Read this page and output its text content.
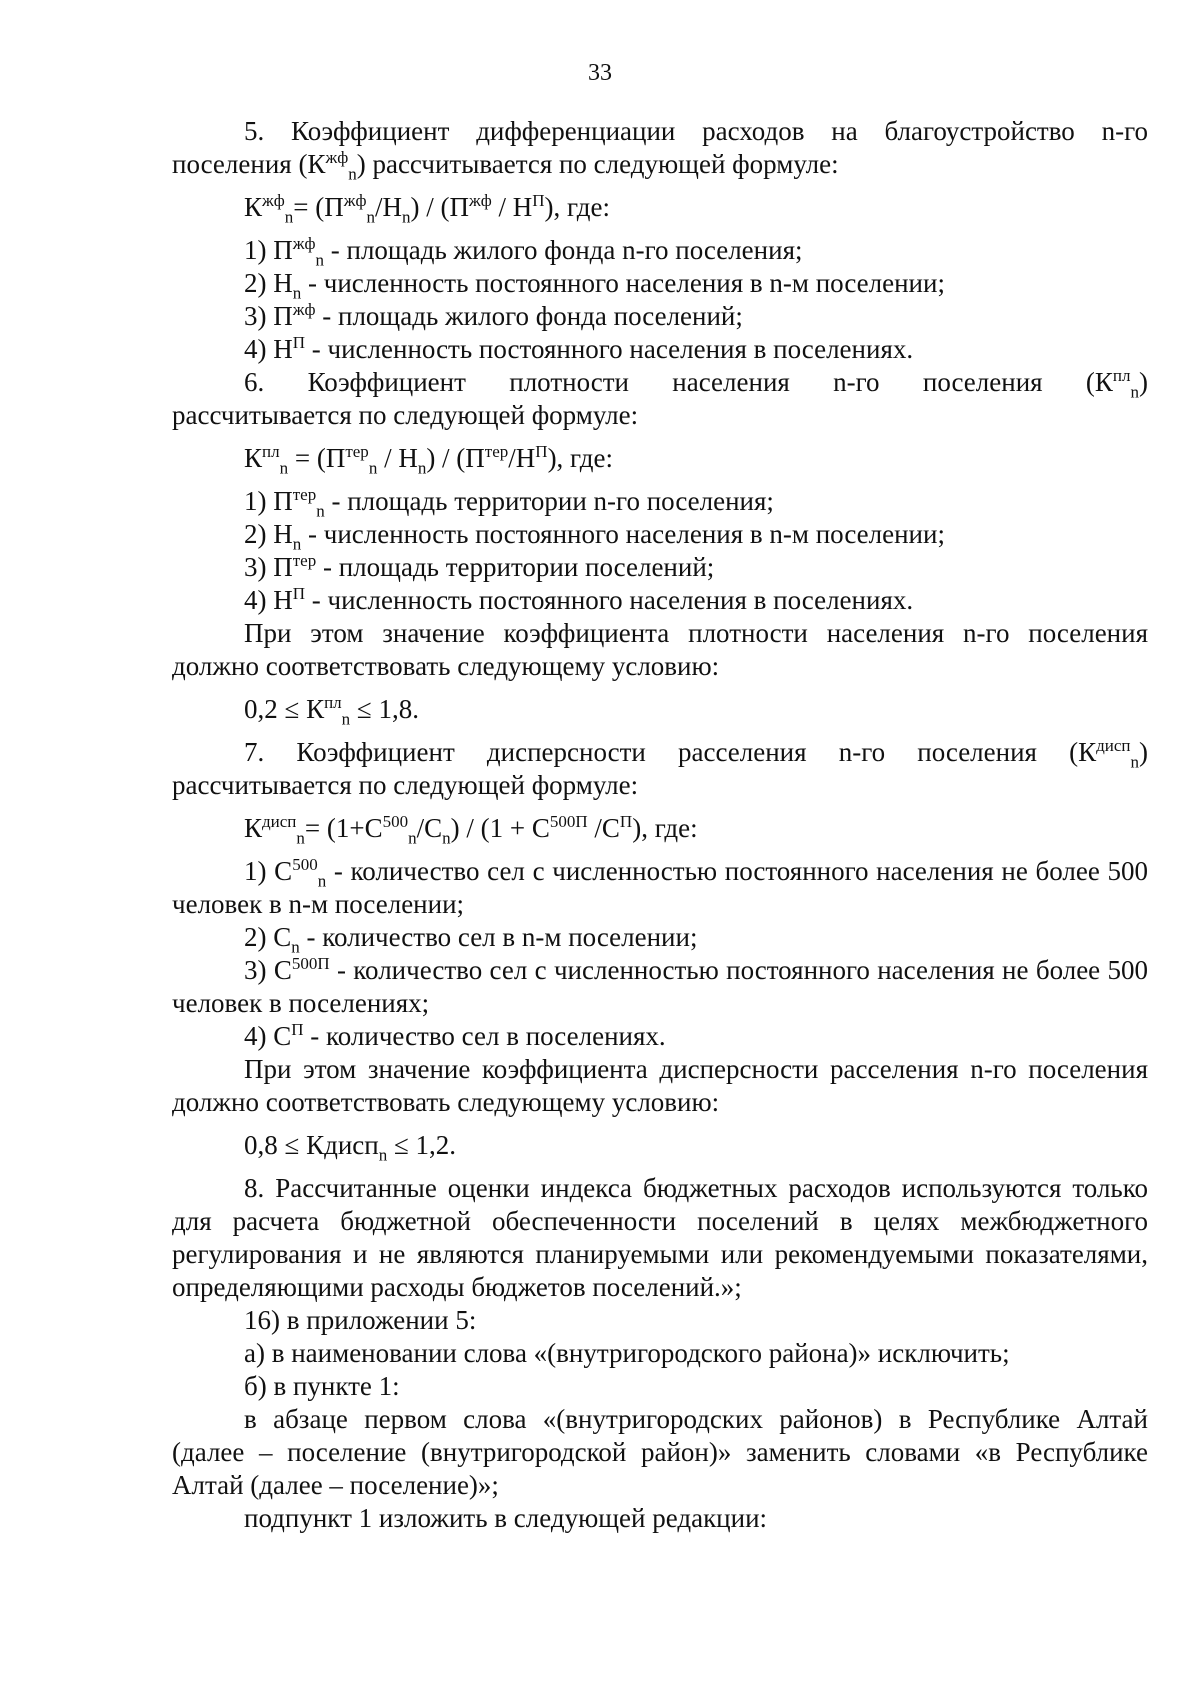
33

5. Коэффициент дифференциации расходов на благоустройство n-го

поселения $(К^{жф}_n)$ рассчитывается по следующей формуле:

$К^{жф}_n= (П^{жф}_n/Н_n) / (П^{жф} / Н^П)$, где:

1) $П^{жф}_n$ - площадь жилого фонда n-го поселения;

2) $Н_n$ - численность постоянного населения в n-м поселении;

3) $П^{жф}$ - площадь жилого фонда поселений;

4) $Н^П$ - численность постоянного населения в поселениях.

6. Коэффициент плотности населения n-го поселения $(К^{пл}_n)$

рассчитывается по следующей формуле:

$К^{пл}_n = (П^{тер}_n / Н_n) / (П^{тер}/Н^П)$, где:

1) $П^{тер}_n$ - площадь территории n-го поселения;

2) $Н_n$ - численность постоянного населения в n-м поселении;

3) $П^{тер}$ - площадь территории поселений;

4) $Н^П$ - численность постоянного населения в поселениях.

При этом значение коэффициента плотности населения n-го поселения должно соответствовать следующему условию:

$0,2 \le К^{пл}_n \le 1,8$.

7. Коэффициент дисперсности расселения n-го поселения $(К^{дисп}_n)$

рассчитывается по следующей формуле:

$К^{дисп}_n= (1+С^{500}_n/С_n) / (1 + С^{500П}$ $/С^П$), где:

1) $С^{500}_n$ - количество сел с численностью постоянного населения не более 500 человек в n-м поселении;

2) $С_n$ - количество сел в n-м поселении;

3) $С^{500П}$ - количество сел с численностью постоянного населения не более 500 человек в поселениях;

4) $С^П$ - количество сел в поселениях.

При этом значение коэффициента дисперсности расселения n-го поселения должно соответствовать следующему условию:

0,8 ≤ Кдисп$_n$ ≤ 1,2.

8. Рассчитанные оценки индекса бюджетных расходов используются только для расчета бюджетной обеспеченности поселений в целях межбюджетного регулирования и не являются планируемыми или рекомендуемыми показателями, определяющими расходы бюджетов поселений.»;

16) в приложении 5:

а) в наименовании слова «(внутригородского района)» исключить;

б) в пункте 1:

в абзаце первом слова «(внутригородских районов) в Республике Алтай (далее – поселение (внутригородской район)» заменить словами «в Республике Алтай (далее – поселение)»;

подпункт 1 изложить в следующей редакции:
